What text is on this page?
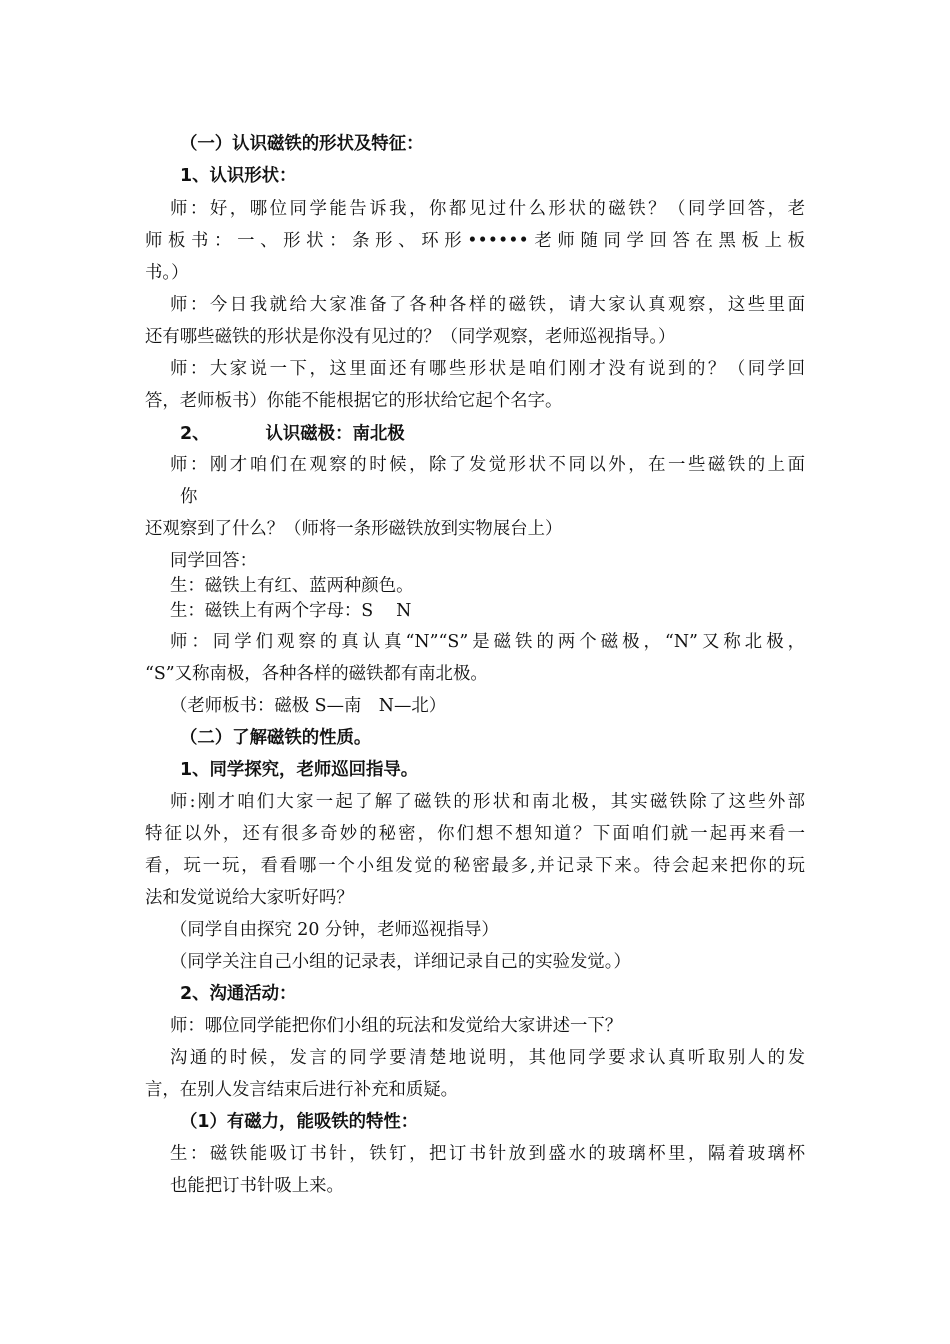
（一）认识磁铁的形状及特征：
1、认识形状：
师：好，哪位同学能告诉我，你都见过什么形状的磁铁？（同学回答，老
师板书：一、形状：条形、环形••••••老师随同学回答在黑板上板
书。）
师：今日我就给大家准备了各种各样的磁铁，请大家认真观察，这些里面
还有哪些磁铁的形状是你没有见过的？（同学观察，老师巡视指导。）
师：大家说一下，这里面还有哪些形状是咱们刚才没有说到的？（同学回
答，老师板书）你能不能根据它的形状给它起个名字。
2、	认识磁极：南北极
师：刚才咱们在观察的时候，除了发觉形状不同以外，在一些磁铁的上面
你
还观察到了什么？（师将一条形磁铁放到实物展台上）
同学回答：
生：磁铁上有红、蓝两种颜色。
生：磁铁上有两个字母：S　 N
师：同学们观察的真认真“N”“S”是磁铁的两个磁极，“N”又称北极，
“S”又称南极，各种各样的磁铁都有南北极。
（老师板书：磁极 S—南　N—北）
（二）了解磁铁的性质。
1、同学探究，老师巡回指导。
师:刚才咱们大家一起了解了磁铁的形状和南北极，其实磁铁除了这些外部
特征以外，还有很多奇妙的秘密，你们想不想知道？下面咱们就一起再来看一
看，玩一玩，看看哪一个小组发觉的秘密最多,并记录下来。待会起来把你的玩
法和发觉说给大家听好吗？
（同学自由探究 20 分钟，老师巡视指导）
（同学关注自己小组的记录表，详细记录自己的实验发觉。）
2、沟通活动：
师：哪位同学能把你们小组的玩法和发觉给大家讲述一下？
沟通的时候，发言的同学要清楚地说明，其他同学要求认真听取别人的发
言，在别人发言结束后进行补充和质疑。
（1）有磁力，能吸铁的特性：
生：磁铁能吸订书针，铁钉，把订书针放到盛水的玻璃杯里，隔着玻璃杯
也能把订书针吸上来。
